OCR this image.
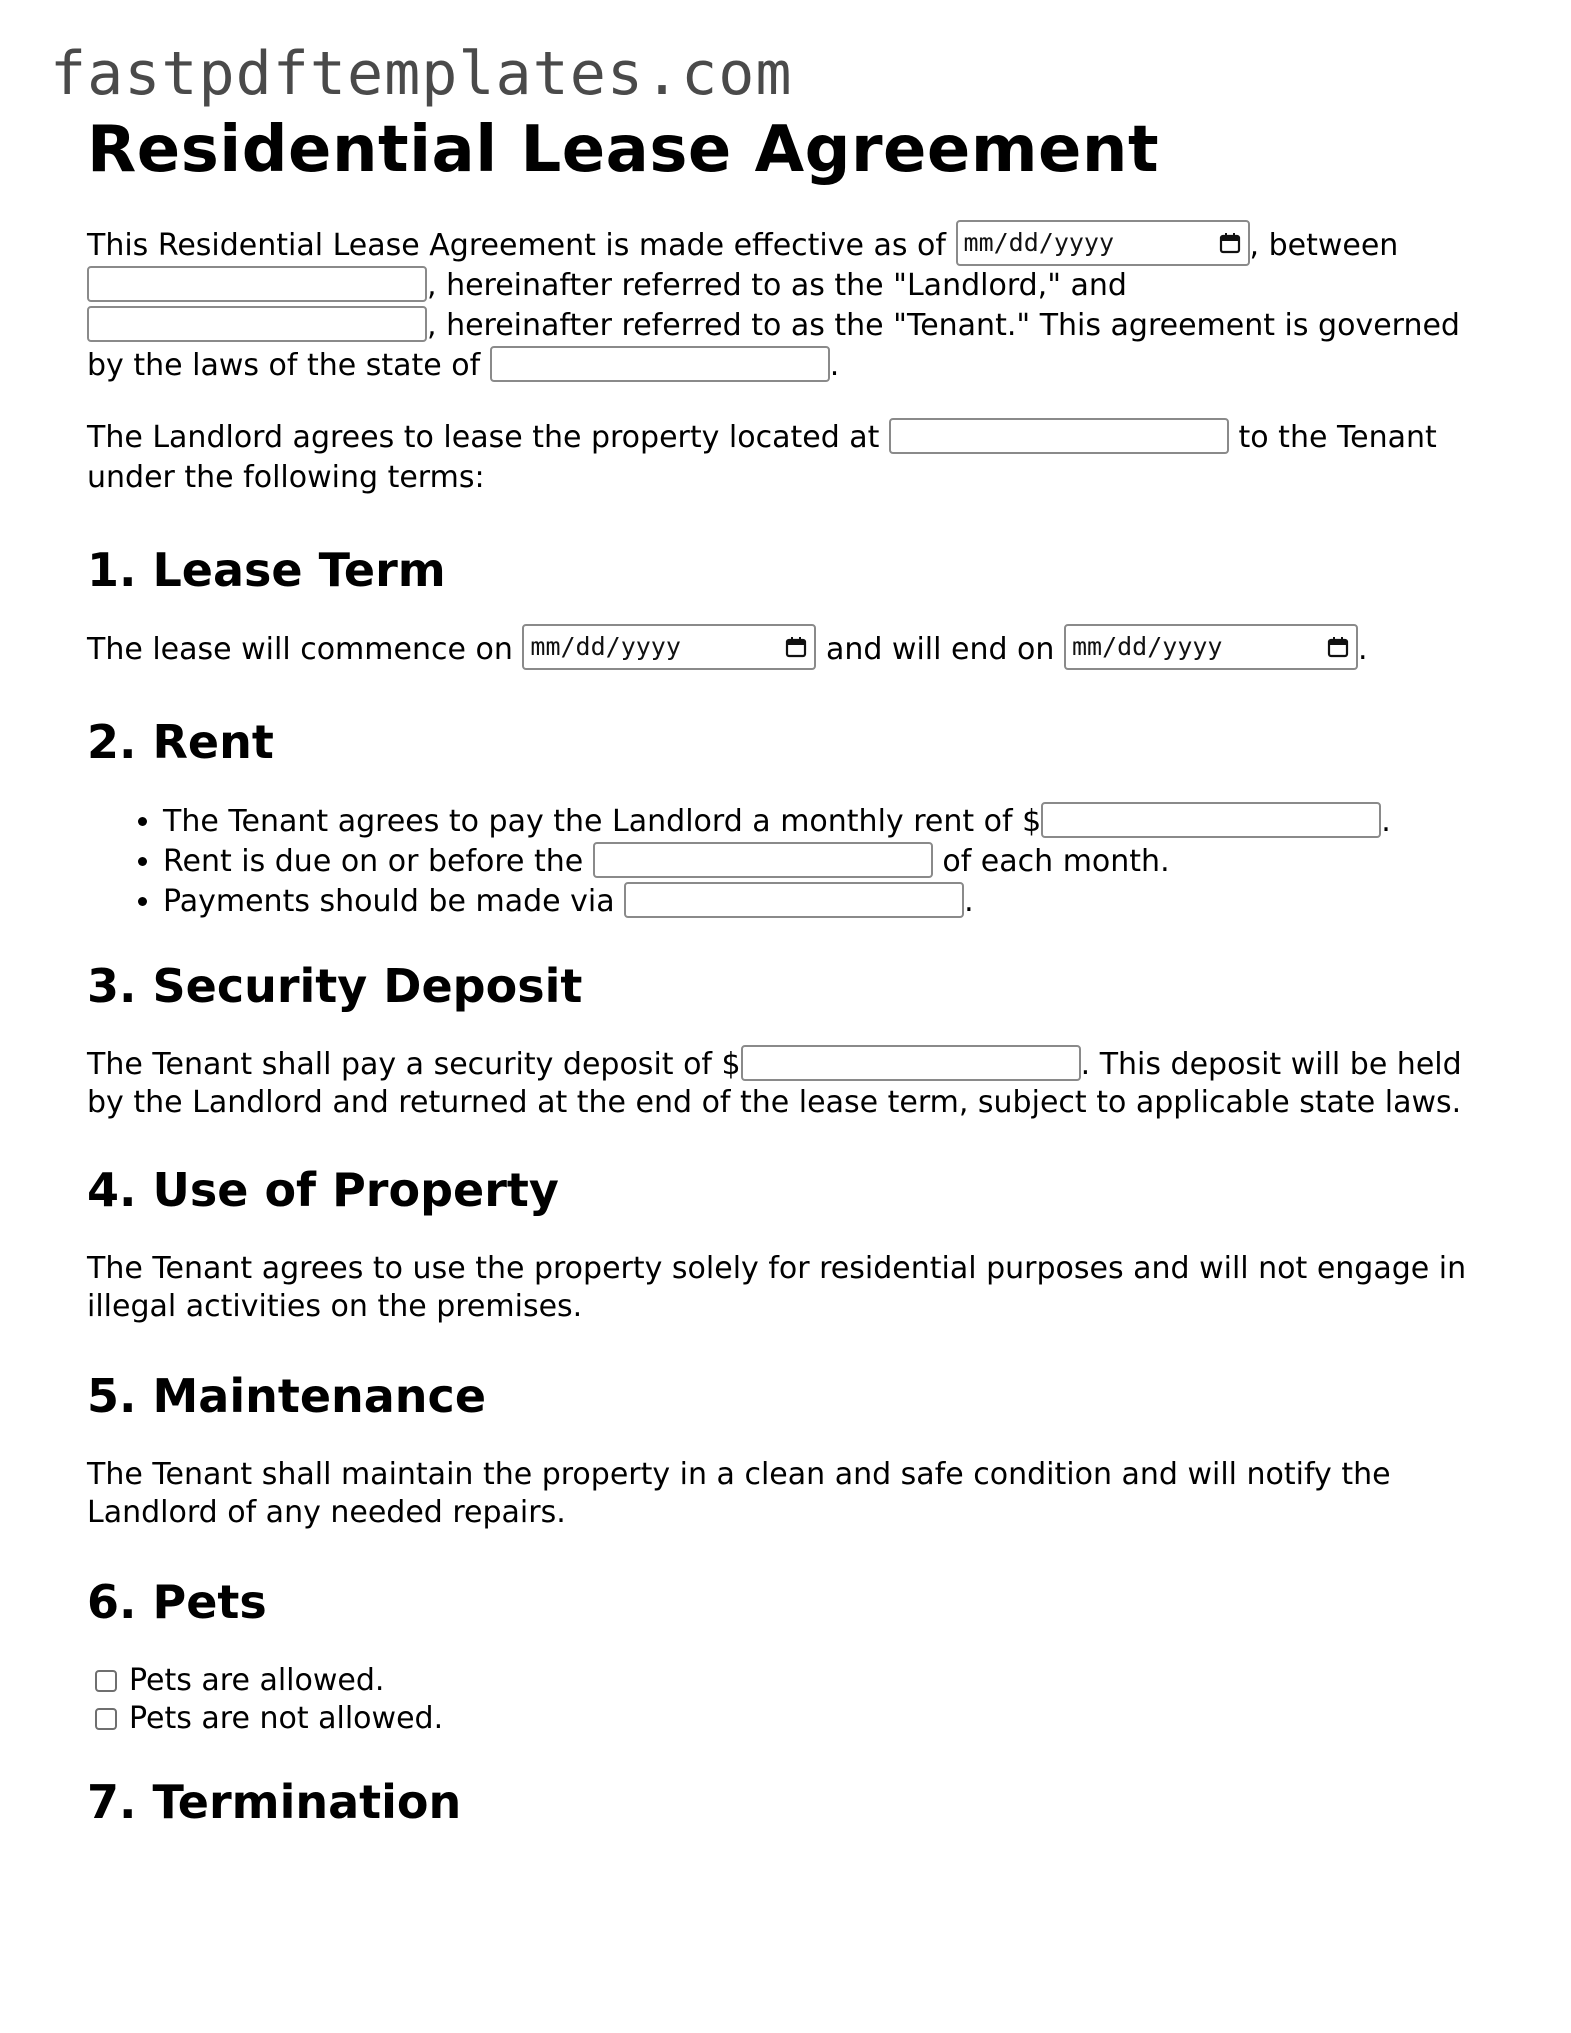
fastpdftemplates.com
Residential Lease Agreement

This Residential Lease Agreement is made effective as of mm/dd/yyyy	, between
, hereinafter referred to as the "Landlord," and
, hereinafter referred to as the "Tenant." This agreement is governed by the laws of the state of	.

The Landlord agrees to lease the property located at	to the Tenant under the following terms:

1. Lease Term

The lease will commence on mm/dd/yyyy	and will end on mm/dd/yyyy	.

2. Rent
• The Tenant agrees to pay the Landlord a monthly rent of $	.
• Rent is due on or before the	of each month.
• Payments should be made via	.
3. Security Deposit

The Tenant shall pay a security deposit of $	. This deposit will be held by the Landlord and returned at the end of the lease term, subject to applicable state laws.

4. Use of Property

The Tenant agrees to use the property solely for residential purposes and will not engage in illegal activities on the premises.

5. Maintenance

The Tenant shall maintain the property in a clean and safe condition and will notify the Landlord of any needed repairs.

6. Pets
Pets are allowed.
Pets are not allowed.
7. Termination
